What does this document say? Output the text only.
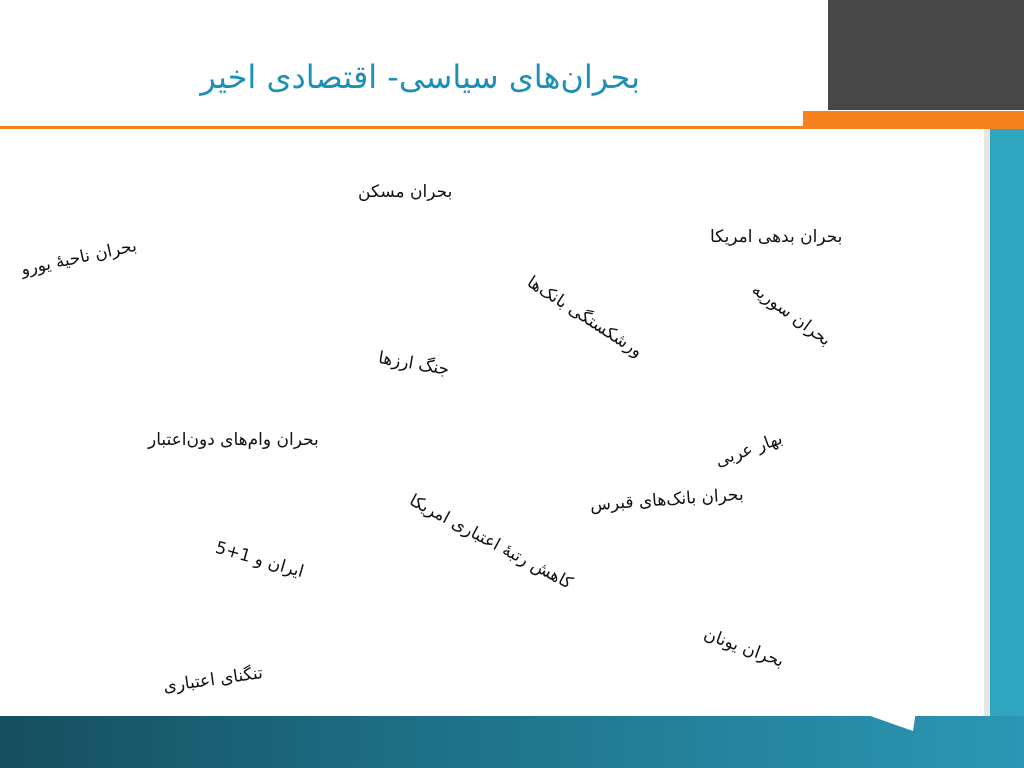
بحران‌های سیاسی- اقتصادی اخیر
بحران مسکن
بحران ناحیهٔ یورو	بحران بدهی امریکا
ورشکستگی بانک‌ها	بحران سوریه
جنگ ارزها
بحران وام‌های دون‌اعتبار	بهار عربی
بحران بانک‌های قبرس
کاهش رتبهٔ اعتباری امریکا
ایران و 1+5
بحران یونان
تنگنای اعتباری
